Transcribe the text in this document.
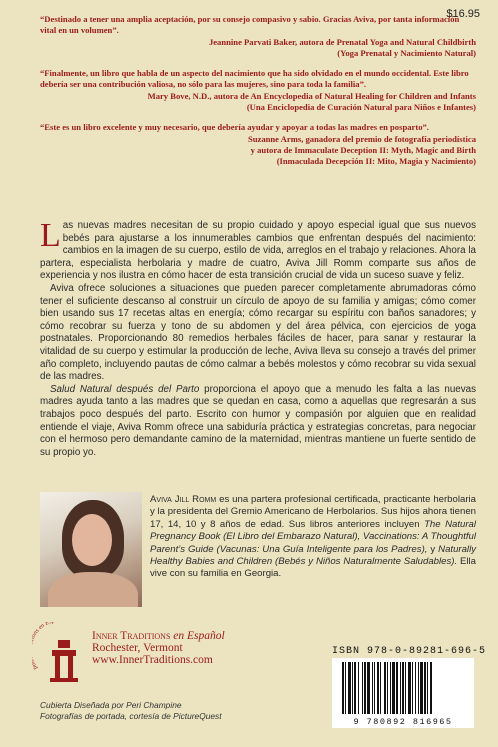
$16.95

“Destinado a tener una amplia aceptación, por su consejo compasivo y sabio. Gracias Aviva, por tanta información vital en un volumen”.

Jeannine Parvati Baker, autora de Prenatal Yoga and Natural Childbirth

(Yoga Prenatal y Nacimiento Natural)

“Finalmente, un libro que habla de un aspecto del nacimiento que ha sido olvidado en el mundo occidental. Este libro debería ser una contribución valiosa, no sólo para las mujeres, sino para toda la familia”.

Mary Bove, N.D., autora de An Encyclopedia of Natural Healing for Children and Infants

(Una Enciclopedia de Curación Natural para Niños e Infantes)

“Este es un libro excelente y muy necesario, que debería ayudar y apoyar a todas las madres en posparto”.

Suzanne Arms, ganadora del premio de fotografía periodística

y autora de Immaculate Deception II: Myth, Magic and Birth

(Inmaculada Decepción II: Mito, Magia y Nacimiento)

Las nuevas madres necesitan de su propio cuidado y apoyo especial igual que sus nuevos bebés para ajustarse a los innumerables cambios que enfrentan después del nacimiento: cambios en la imagen de su cuerpo, estilo de vida, arreglos en el trabajo y relaciones. Ahora la partera, especialista herbolaria y madre de cuatro, Aviva Jill Romm comparte sus años de experiencia y nos ilustra en cómo hacer de esta transición crucial de vida un suceso suave y feliz.

Aviva ofrece soluciones a situaciones que pueden parecer completamente abrumadoras cómo tener el suficiente descanso al construir un círculo de apoyo de su familia y amigas; cómo comer bien usando sus 17 recetas altas en energía; cómo recargar su espíritu con baños sanadores; y cómo recobrar su fuerza y tono de su abdomen y del área pélvica, con ejercicios de yoga postnatales. Proporcionando 80 remedios herbales fáciles de hacer, para sanar y restaurar la vitalidad de su cuerpo y estimular la producción de leche, Aviva lleva su consejo a través del primer año completo, incluyendo pautas de cómo calmar a bebés molestos y cómo recobrar su vida sexual de las madres.

Salud Natural después del Parto proporciona el apoyo que a menudo les falta a las nuevas madres ayuda tanto a las madres que se quedan en casa, como a aquellas que regresarán a sus trabajos poco después del parto. Escrito con humor y compasión por alguien que en realidad entiende el viaje, Aviva Romm ofrece una sabiduría práctica y estrategias concretas, para negociar con el hermoso pero demandante camino de la maternidad, mientras mantiene un fuerte sentido de su propio yo.

Aviva Jill Romm es una partera profesional certificada, practicante herbolaria y la presidenta del Gremio Americano de Herbolarios. Sus hijos ahora tienen 17, 14, 10 y 8 años de edad. Sus libros anteriores incluyen The Natural Pregnancy Book (El Libro del Embarazo Natural), Vaccinations: A Thoughtful Parent’s Guide (Vacunas: Una Guía Inteligente para los Padres), y Naturally Healthy Babies and Children (Bebés y Niños Naturalmente Saludables). Ella vive con su familia en Georgia.
I ns en E
Inner Traditions en Español
Rochester, Vermont
www.InnerTraditions.com
Cubierta Diseñada por Peri Champine
Fotografías de portada, cortesía de PictureQuest
ISBN 978-0-89281-696-5
9 780892 816965
